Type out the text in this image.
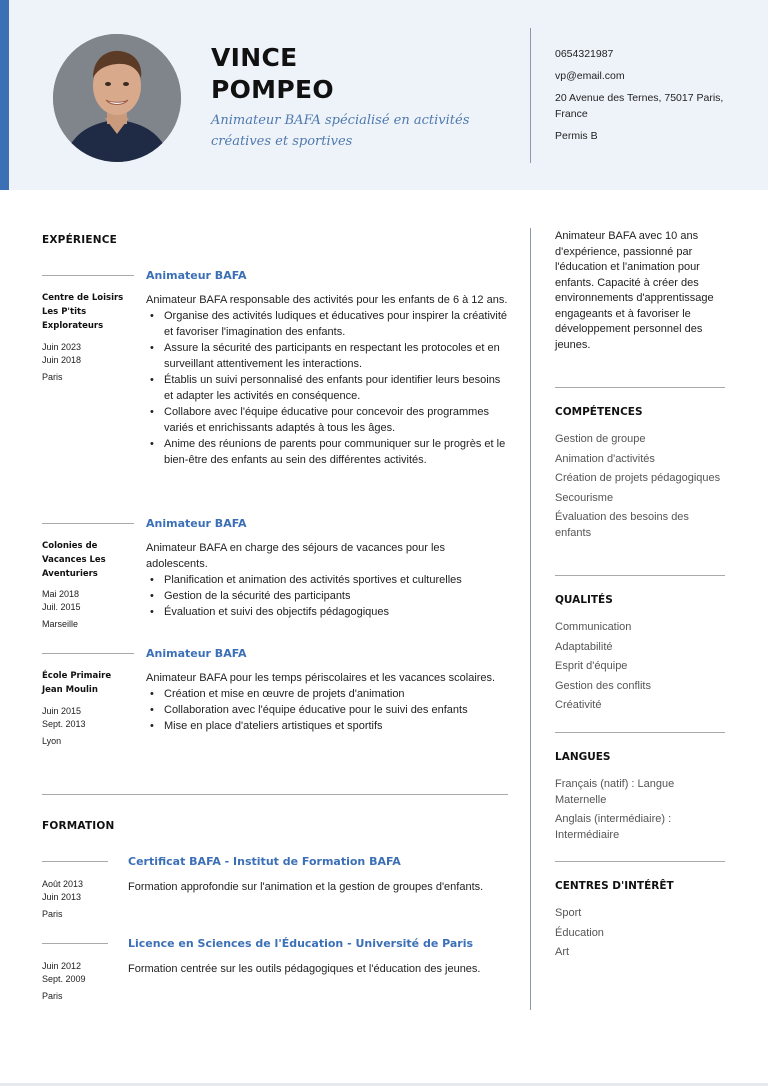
VINCE
POMPEO
Animateur BAFA spécialisé en activités créatives et sportives
0654321987
vp@email.com
20 Avenue des Ternes, 75017 Paris, France
Permis B
EXPÉRIENCE
Animateur BAFA
Centre de Loisirs Les P'tits Explorateurs
Juin 2023
Juin 2018
Paris
Animateur BAFA responsable des activités pour les enfants de 6 à 12 ans.
• Organise des activités ludiques et éducatives pour inspirer la créativité et favoriser l'imagination des enfants.
• Assure la sécurité des participants en respectant les protocoles et en surveillant attentivement les interactions.
• Établis un suivi personnalisé des enfants pour identifier leurs besoins et adapter les activités en conséquence.
• Collabore avec l'équipe éducative pour concevoir des programmes variés et enrichissants adaptés à tous les âges.
• Anime des réunions de parents pour communiquer sur le progrès et le bien-être des enfants au sein des différentes activités.
Animateur BAFA
Colonies de Vacances Les Aventuriers
Mai 2018
Juil. 2015
Marseille
Animateur BAFA en charge des séjours de vacances pour les adolescents.
• Planification et animation des activités sportives et culturelles
• Gestion de la sécurité des participants
• Évaluation et suivi des objectifs pédagogiques
Animateur BAFA
École Primaire Jean Moulin
Juin 2015
Sept. 2013
Lyon
Animateur BAFA pour les temps périscolaires et les vacances scolaires.
• Création et mise en œuvre de projets d'animation
• Collaboration avec l'équipe éducative pour le suivi des enfants
• Mise en place d'ateliers artistiques et sportifs
FORMATION
Certificat BAFA - Institut de Formation BAFA
Août 2013
Juin 2013
Paris
Formation approfondie sur l'animation et la gestion de groupes d'enfants.
Licence en Sciences de l'Éducation - Université de Paris
Juin 2012
Sept. 2009
Paris
Formation centrée sur les outils pédagogiques et l'éducation des jeunes.
Animateur BAFA avec 10 ans d'expérience, passionné par l'éducation et l'animation pour enfants. Capacité à créer des environnements d'apprentissage engageants et à favoriser le développement personnel des jeunes.
COMPÉTENCES
Gestion de groupe
Animation d'activités
Création de projets pédagogiques
Secourisme
Évaluation des besoins des enfants
QUALITÉS
Communication
Adaptabilité
Esprit d'équipe
Gestion des conflits
Créativité
LANGUES
Français (natif) : Langue Maternelle
Anglais (intermédiaire) : Intermédiaire
CENTRES D'INTÉRÊT
Sport
Éducation
Art
